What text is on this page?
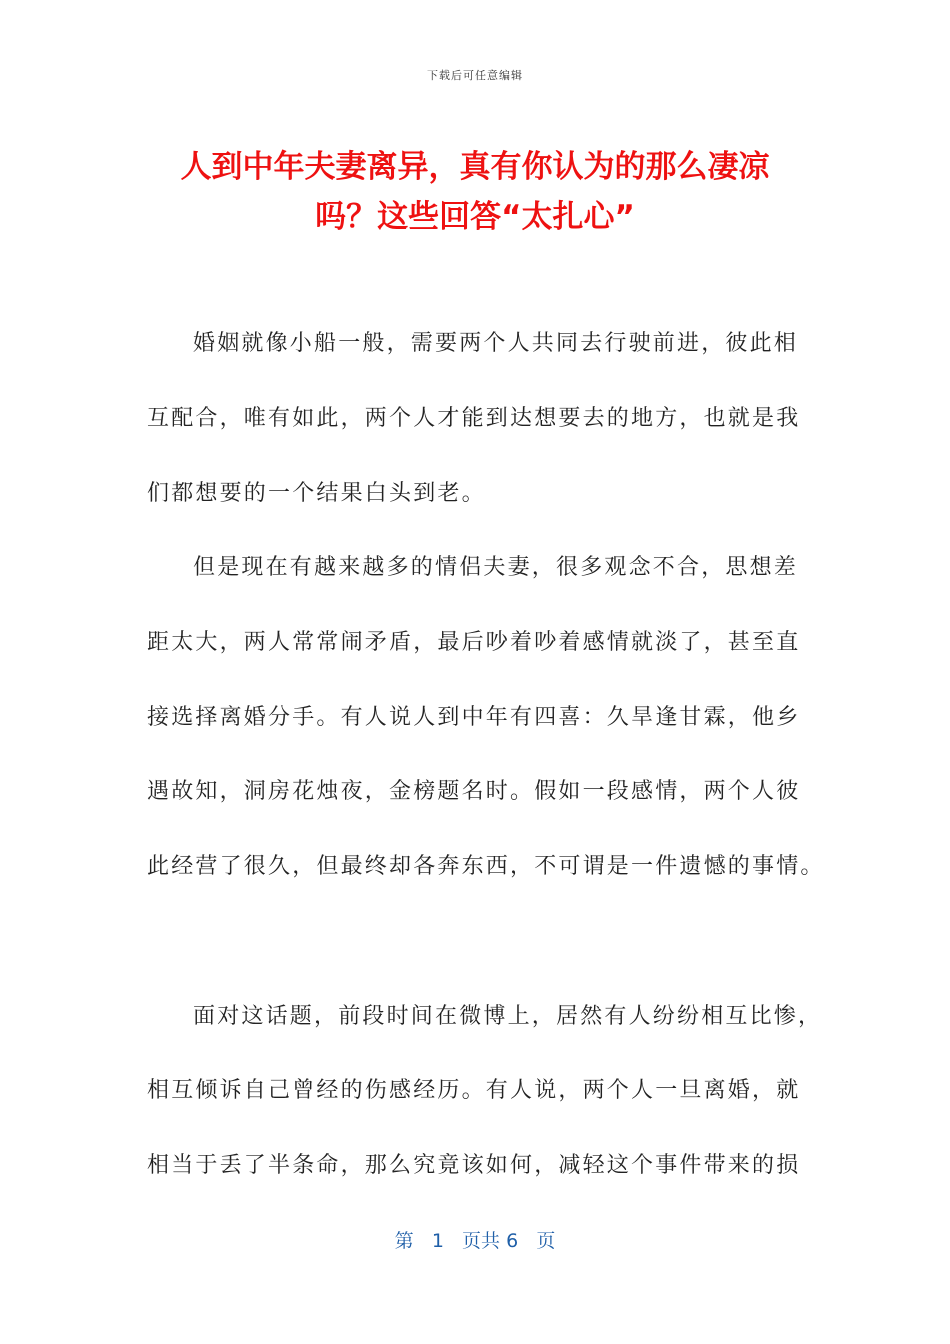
下载后可任意编辑
人到中年夫妻离异，真有你认为的那么凄凉
吗？这些回答“太扎心”
婚姻就像小船一般，需要两个人共同去行驶前进，彼此相
互配合，唯有如此，两个人才能到达想要去的地方，也就是我
们都想要的一个结果白头到老。
但是现在有越来越多的情侣夫妻，很多观念不合，思想差
距太大，两人常常闹矛盾，最后吵着吵着感情就淡了，甚至直
接选择离婚分手。有人说人到中年有四喜：久旱逢甘霖，他乡
遇故知，洞房花烛夜，金榜题名时。假如一段感情，两个人彼
此经营了很久，但最终却各奔东西，不可谓是一件遗憾的事情。
面对这话题，前段时间在微博上，居然有人纷纷相互比惨，
相互倾诉自己曾经的伤感经历。有人说，两个人一旦离婚，就
相当于丢了半条命，那么究竟该如何，减轻这个事件带来的损
第 1 页共 6 页
